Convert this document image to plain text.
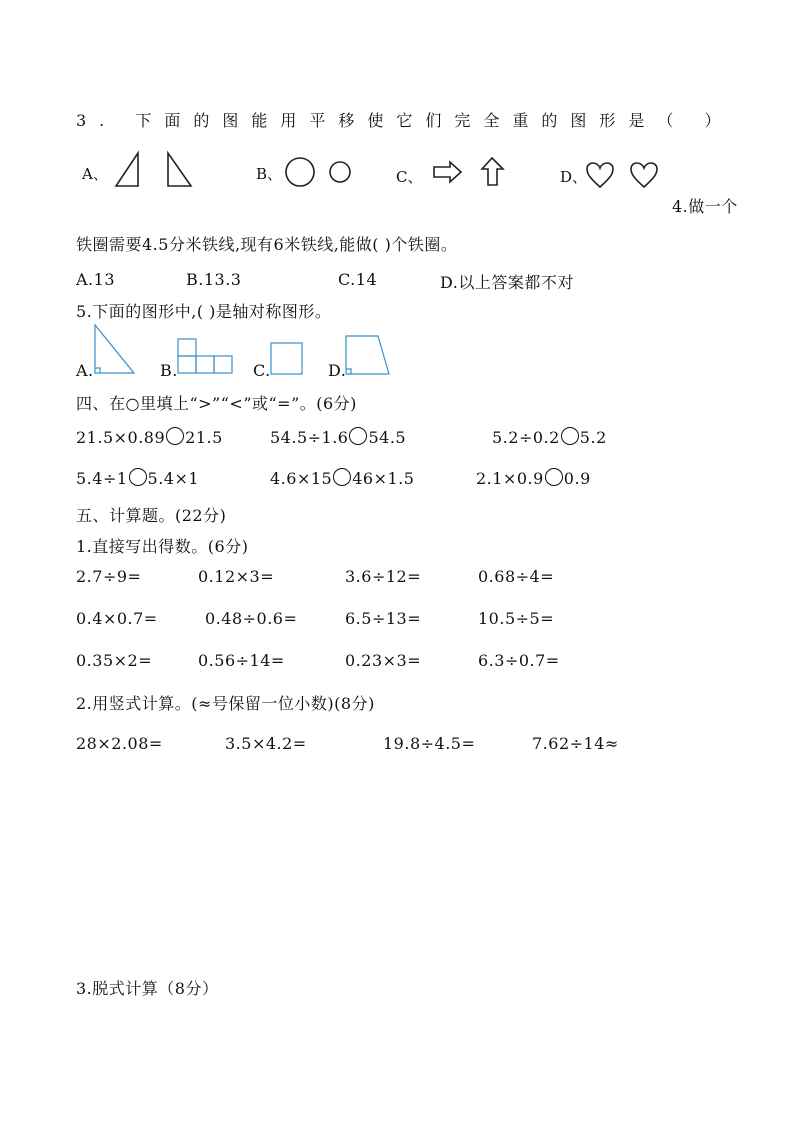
3. 下面的图能用平移使它们完全重的图形是（ ）
A、	B、	C、	D、
4.做一个
铁圈需要4.5分米铁线,现有6米铁线,能做( )个铁圈。
A.13	B.13.3	C.14	D.以上答案都不对
5.下面的图形中,( )是轴对称图形。
A.	B.	C.	D.
四、在○里填上“>”“<”或“=”。(6分)
21.5×0.89 21.5	54.5÷1.6 54.5	5.2÷0.2 5.2
5.4÷1 5.4×1	4.6×15 46×1.5	2.1×0.9 0.9
五、计算题。(22分)
1.直接写出得数。(6分)
2.7÷9=	0.12×3=	3.6÷12=	0.68÷4=
0.4×0.7=	0.48÷0.6=	6.5÷13=	10.5÷5=
0.35×2=	0.56÷14=	0.23×3=	6.3÷0.7=
2.用竖式计算。(≈号保留一位小数)(8分)
28×2.08=	3.5×4.2=	19.8÷4.5=	7.62÷14≈
3.脱式计算（8分）
